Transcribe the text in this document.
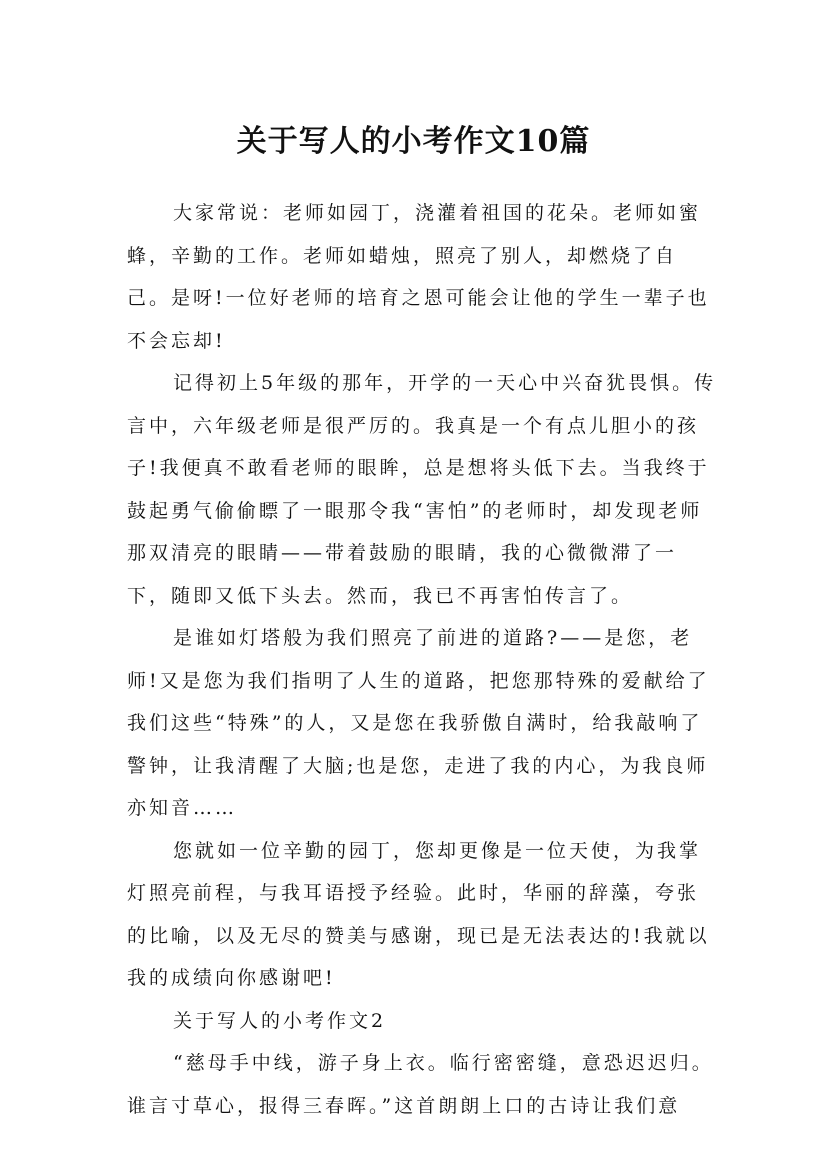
关于写人的小考作文10篇

大家常说：老师如园丁，浇灌着祖国的花朵。老师如蜜蜂，辛勤的工作。老师如蜡烛，照亮了别人，却燃烧了自己。是呀!一位好老师的培育之恩可能会让他的学生一辈子也不会忘却!

记得初上5年级的那年，开学的一天心中兴奋犹畏惧。传言中，六年级老师是很严厉的。我真是一个有点儿胆小的孩子!我便真不敢看老师的眼眸，总是想将头低下去。当我终于鼓起勇气偷偷瞟了一眼那令我“害怕”的老师时，却发现老师那双清亮的眼睛——带着鼓励的眼睛，我的心微微滞了一下，随即又低下头去。然而，我已不再害怕传言了。

是谁如灯塔般为我们照亮了前进的道路?——是您，老师!又是您为我们指明了人生的道路，把您那特殊的爱献给了我们这些“特殊”的人，又是您在我骄傲自满时，给我敲响了警钟，让我清醒了大脑;也是您，走进了我的内心，为我良师亦知音……

您就如一位辛勤的园丁，您却更像是一位天使，为我掌灯照亮前程，与我耳语授予经验。此时，华丽的辞藻，夸张的比喻，以及无尽的赞美与感谢，现已是无法表达的!我就以我的成绩向你感谢吧!

关于写人的小考作文2

“慈母手中线，游子身上衣。临行密密缝，意恐迟迟归。谁言寸草心，报得三春晖。”这首朗朗上口的古诗让我们意
